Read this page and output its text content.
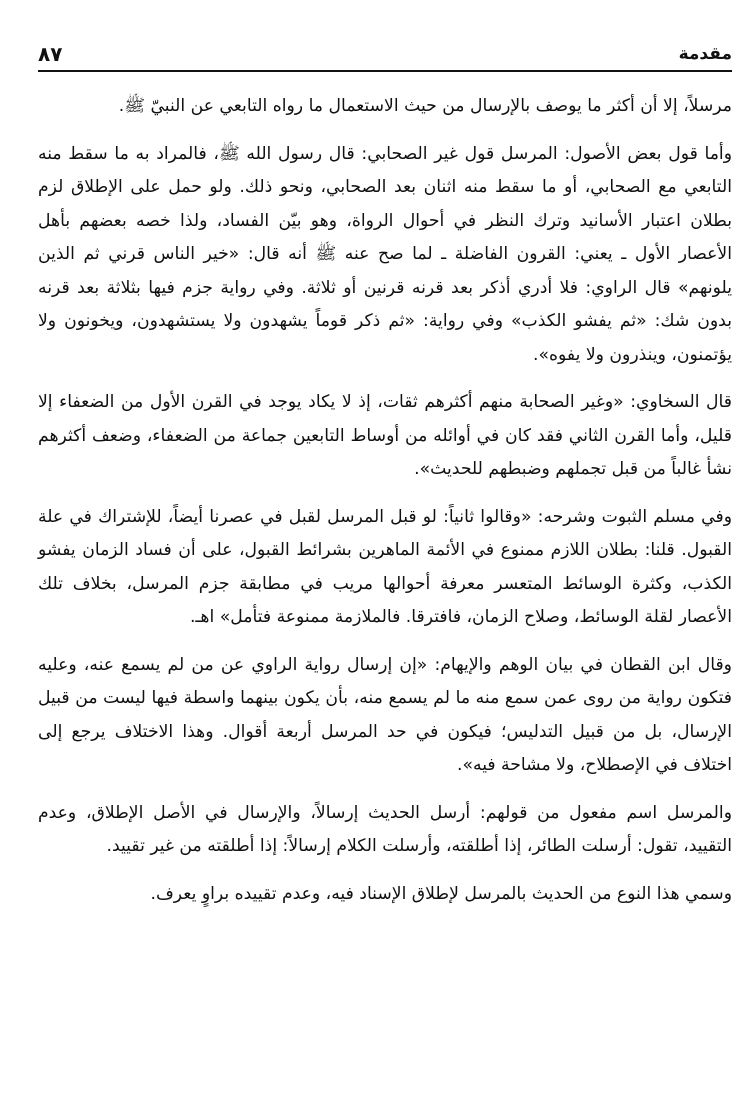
٨٧	مقدمة

مرسلاً، إلا أن أكثر ما يوصف بالإرسال من حيث الاستعمال ما رواه التابعي عن النبيّ ﷺ.

وأما قول بعض الأصول: المرسل قول غير الصحابي: قال رسول الله ﷺ، فالمراد به ما سقط منه التابعي مع الصحابي، أو ما سقط منه اثنان بعد الصحابي، ونحو ذلك. ولو حمل على الإطلاق لزم بطلان اعتبار الأسانيد وترك النظر في أحوال الرواة، وهو بيّن الفساد، ولذا خصه بعضهم بأهل الأعصار الأول ـ يعني: القرون الفاضلة ـ لما صح عنه ﷺ أنه قال: «خير الناس قرني ثم الذين يلونهم» قال الراوي: فلا أدري أذكر بعد قرنه قرنين أو ثلاثة. وفي رواية جزم فيها بثلاثة بعد قرنه بدون شك: «ثم يفشو الكذب» وفي رواية: «ثم ذكر قوماً يشهدون ولا يستشهدون، ويخونون ولا يؤتمنون، وينذرون ولا يفوه».

قال السخاوي: «وغير الصحابة منهم أكثرهم ثقات، إذ لا يكاد يوجد في القرن الأول من الضعفاء إلا قليل، وأما القرن الثاني فقد كان في أوائله من أوساط التابعين جماعة من الضعفاء، وضعف أكثرهم نشأ غالباً من قبل تجملهم وضبطهم للحديث».

وفي مسلم الثبوت وشرحه: «وقالوا ثانياً: لو قبل المرسل لقبل في عصرنا أيضاً، للإشتراك في علة القبول. قلنا: بطلان اللازم ممنوع في الأئمة الماهرين بشرائط القبول، على أن فساد الزمان يفشو الكذب، وكثرة الوسائط المتعسر معرفة أحوالها مريب في مطابقة جزم المرسل، بخلاف تلك الأعصار لقلة الوسائط، وصلاح الزمان، فافترقا. فالملازمة ممنوعة فتأمل» اهـ.

وقال ابن القطان في بيان الوهم والإيهام: «إن إرسال رواية الراوي عن من لم يسمع عنه، وعليه فتكون رواية من روى عمن سمع منه ما لم يسمع منه، بأن يكون بينهما واسطة فيها ليست من قبيل الإرسال، بل من قبيل التدليس؛ فيكون في حد المرسل أربعة أقوال. وهذا الاختلاف يرجع إلى اختلاف في الإصطلاح، ولا مشاحة فيه».

والمرسل اسم مفعول من قولهم: أرسل الحديث إرسالاً، والإرسال في الأصل الإطلاق، وعدم التقييد، تقول: أرسلت الطائر، إذا أطلقته، وأرسلت الكلام إرسالاً: إذا أطلقته من غير تقييد.

وسمي هذا النوع من الحديث بالمرسل لإطلاق الإسناد فيه، وعدم تقييده براوٍ يعرف.
